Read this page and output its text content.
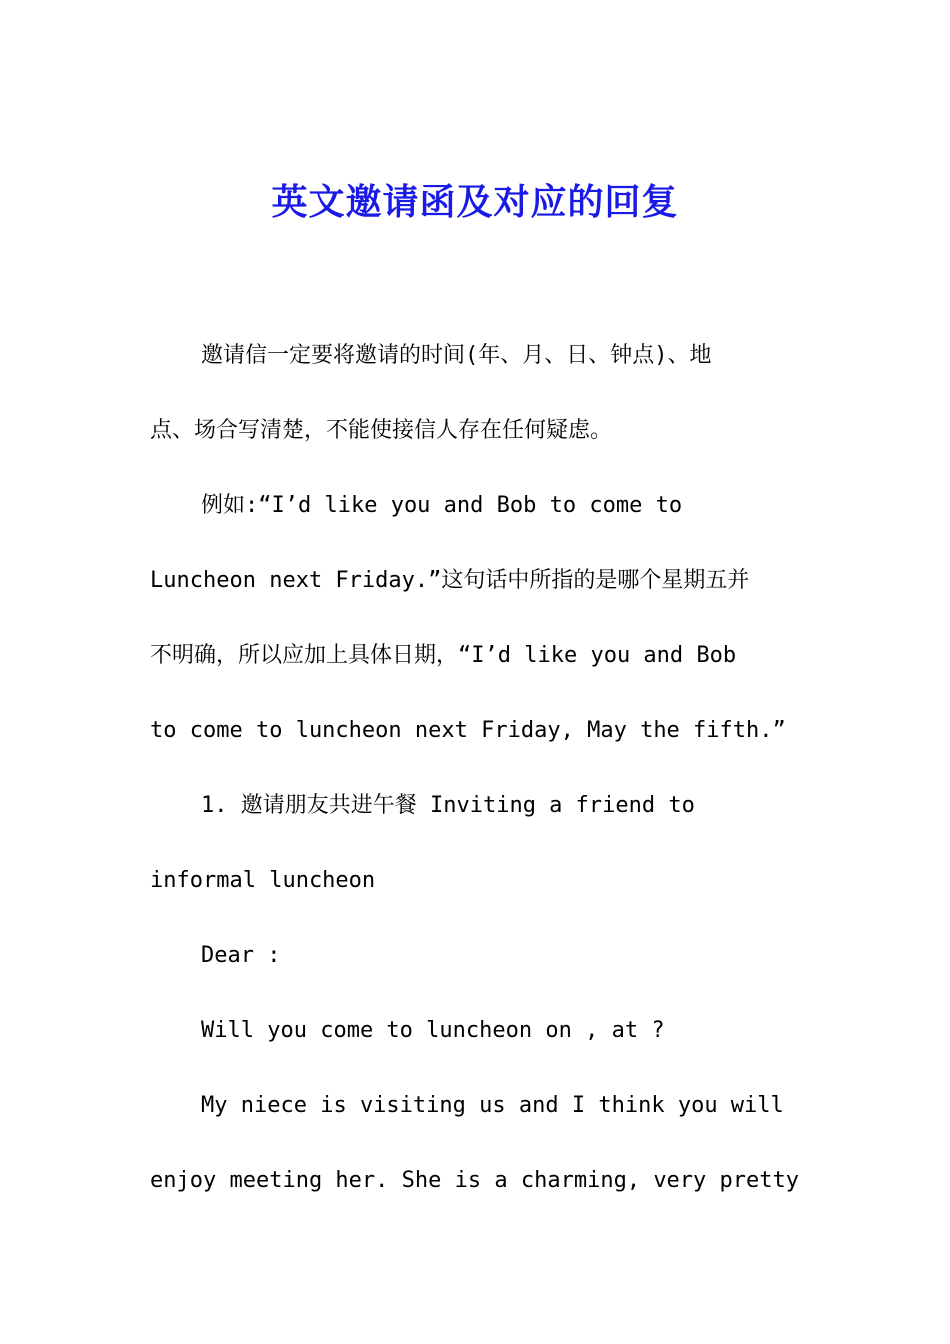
英文邀请函及对应的回复
邀请信一定要将邀请的时间(年、月、日、钟点)、地
点、场合写清楚，不能使接信人存在任何疑虑。
例如:“I’d like you and Bob to come to
Luncheon next Friday.”这句话中所指的是哪个星期五并
不明确，所以应加上具体日期，“I’d like you and Bob
to come to luncheon next Friday, May the fifth.”
1. 邀请朋友共进午餐 Inviting a friend to
informal luncheon
Dear :
Will you come to luncheon on , at ?
My niece is visiting us and I think you will
enjoy meeting her. She is a charming, very pretty
